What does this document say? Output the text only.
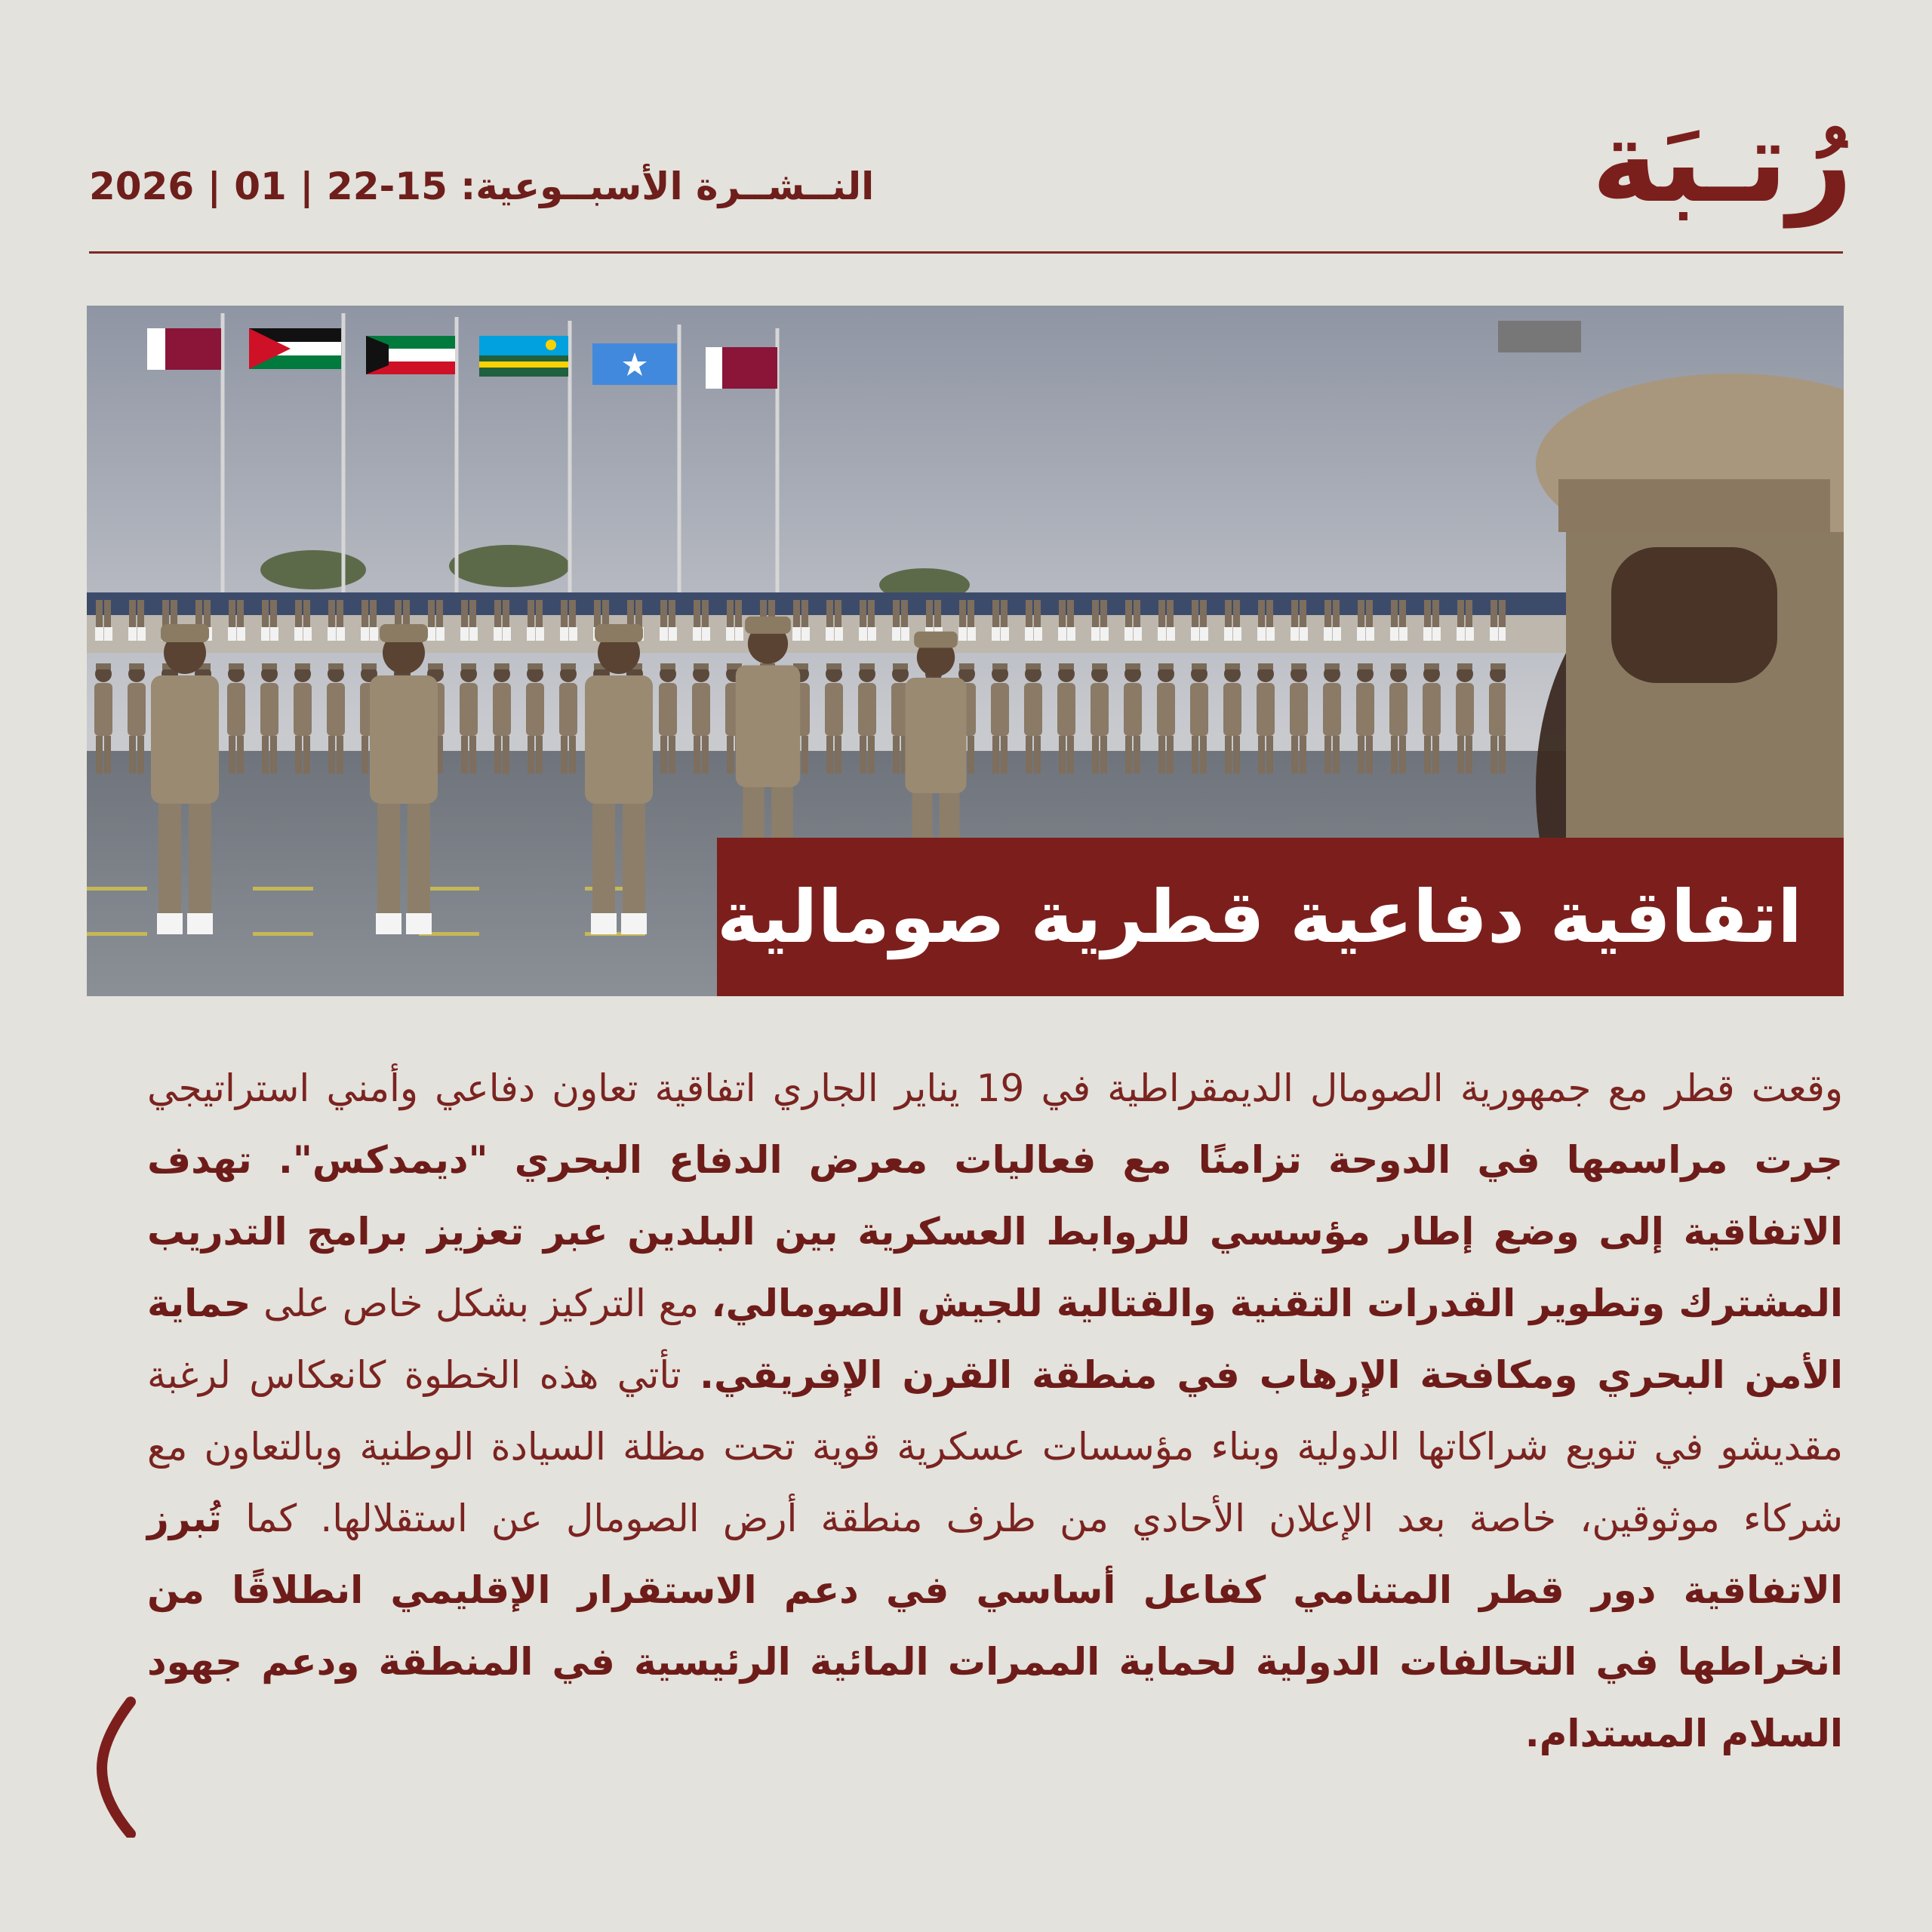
رُتـبَة
النــشــرة الأسبــوعية: 15-22 | 01 | 2026
اتفاقية دفاعية قطرية صومالية
وقعت قطر مع جمهورية الصومال الديمقراطية في 19 يناير الجاري اتفاقية تعاون دفاعي وأمني استراتيجي جرت مراسمها في الدوحة تزامنًا مع فعاليات معرض الدفاع البحري "ديمدكس". تهدف الاتفاقية إلى وضع إطار مؤسسي للروابط العسكرية بين البلدين عبر تعزيز برامج التدريب المشترك وتطوير القدرات التقنية والقتالية للجيش الصومالي، مع التركيز بشكل خاص على حماية الأمن البحري ومكافحة الإرهاب في منطقة القرن الإفريقي. تأتي هذه الخطوة كانعكاس لرغبة مقديشو في تنويع شراكاتها الدولية وبناء مؤسسات عسكرية قوية تحت مظلة السيادة الوطنية وبالتعاون مع شركاء موثوقين، خاصة بعد الإعلان الأحادي من طرف منطقة أرض الصومال عن استقلالها. كما تُبرز الاتفاقية دور قطر المتنامي كفاعل أساسي في دعم الاستقرار الإقليمي انطلاقًا من انخراطها في التحالفات الدولية لحماية الممرات المائية الرئيسية في المنطقة ودعم جهود السلام المستدام.
